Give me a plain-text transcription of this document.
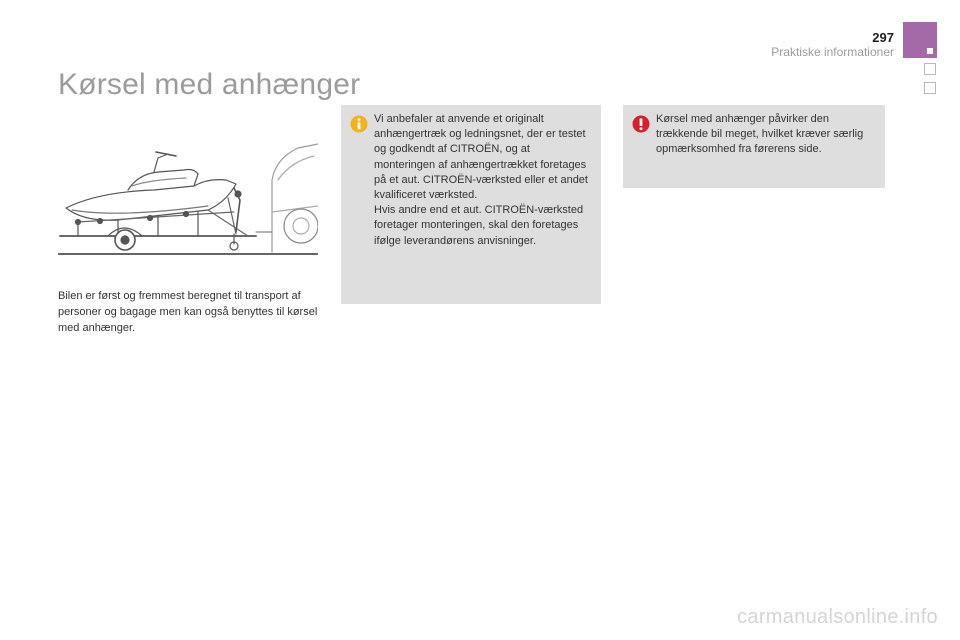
297
Praktiske informationer
Kørsel med anhænger

Bilen er først og fremmest beregnet til transport af personer og bagage men kan også benyttes til kørsel med anhænger.

Vi anbefaler at anvende et originalt anhængertræk og ledningsnet, der er testet og godkendt af CITROËN, og at monteringen af anhængertrækket foretages på et aut. CITROËN-værksted eller et andet kvalificeret værksted.
Hvis andre end et aut. CITROËN-værksted foretager monteringen, skal den foretages ifølge leverandørens anvisninger.

Kørsel med anhænger påvirker den trækkende bil meget, hvilket kræver særlig opmærksomhed fra førerens side.

carmanualsonline.info
